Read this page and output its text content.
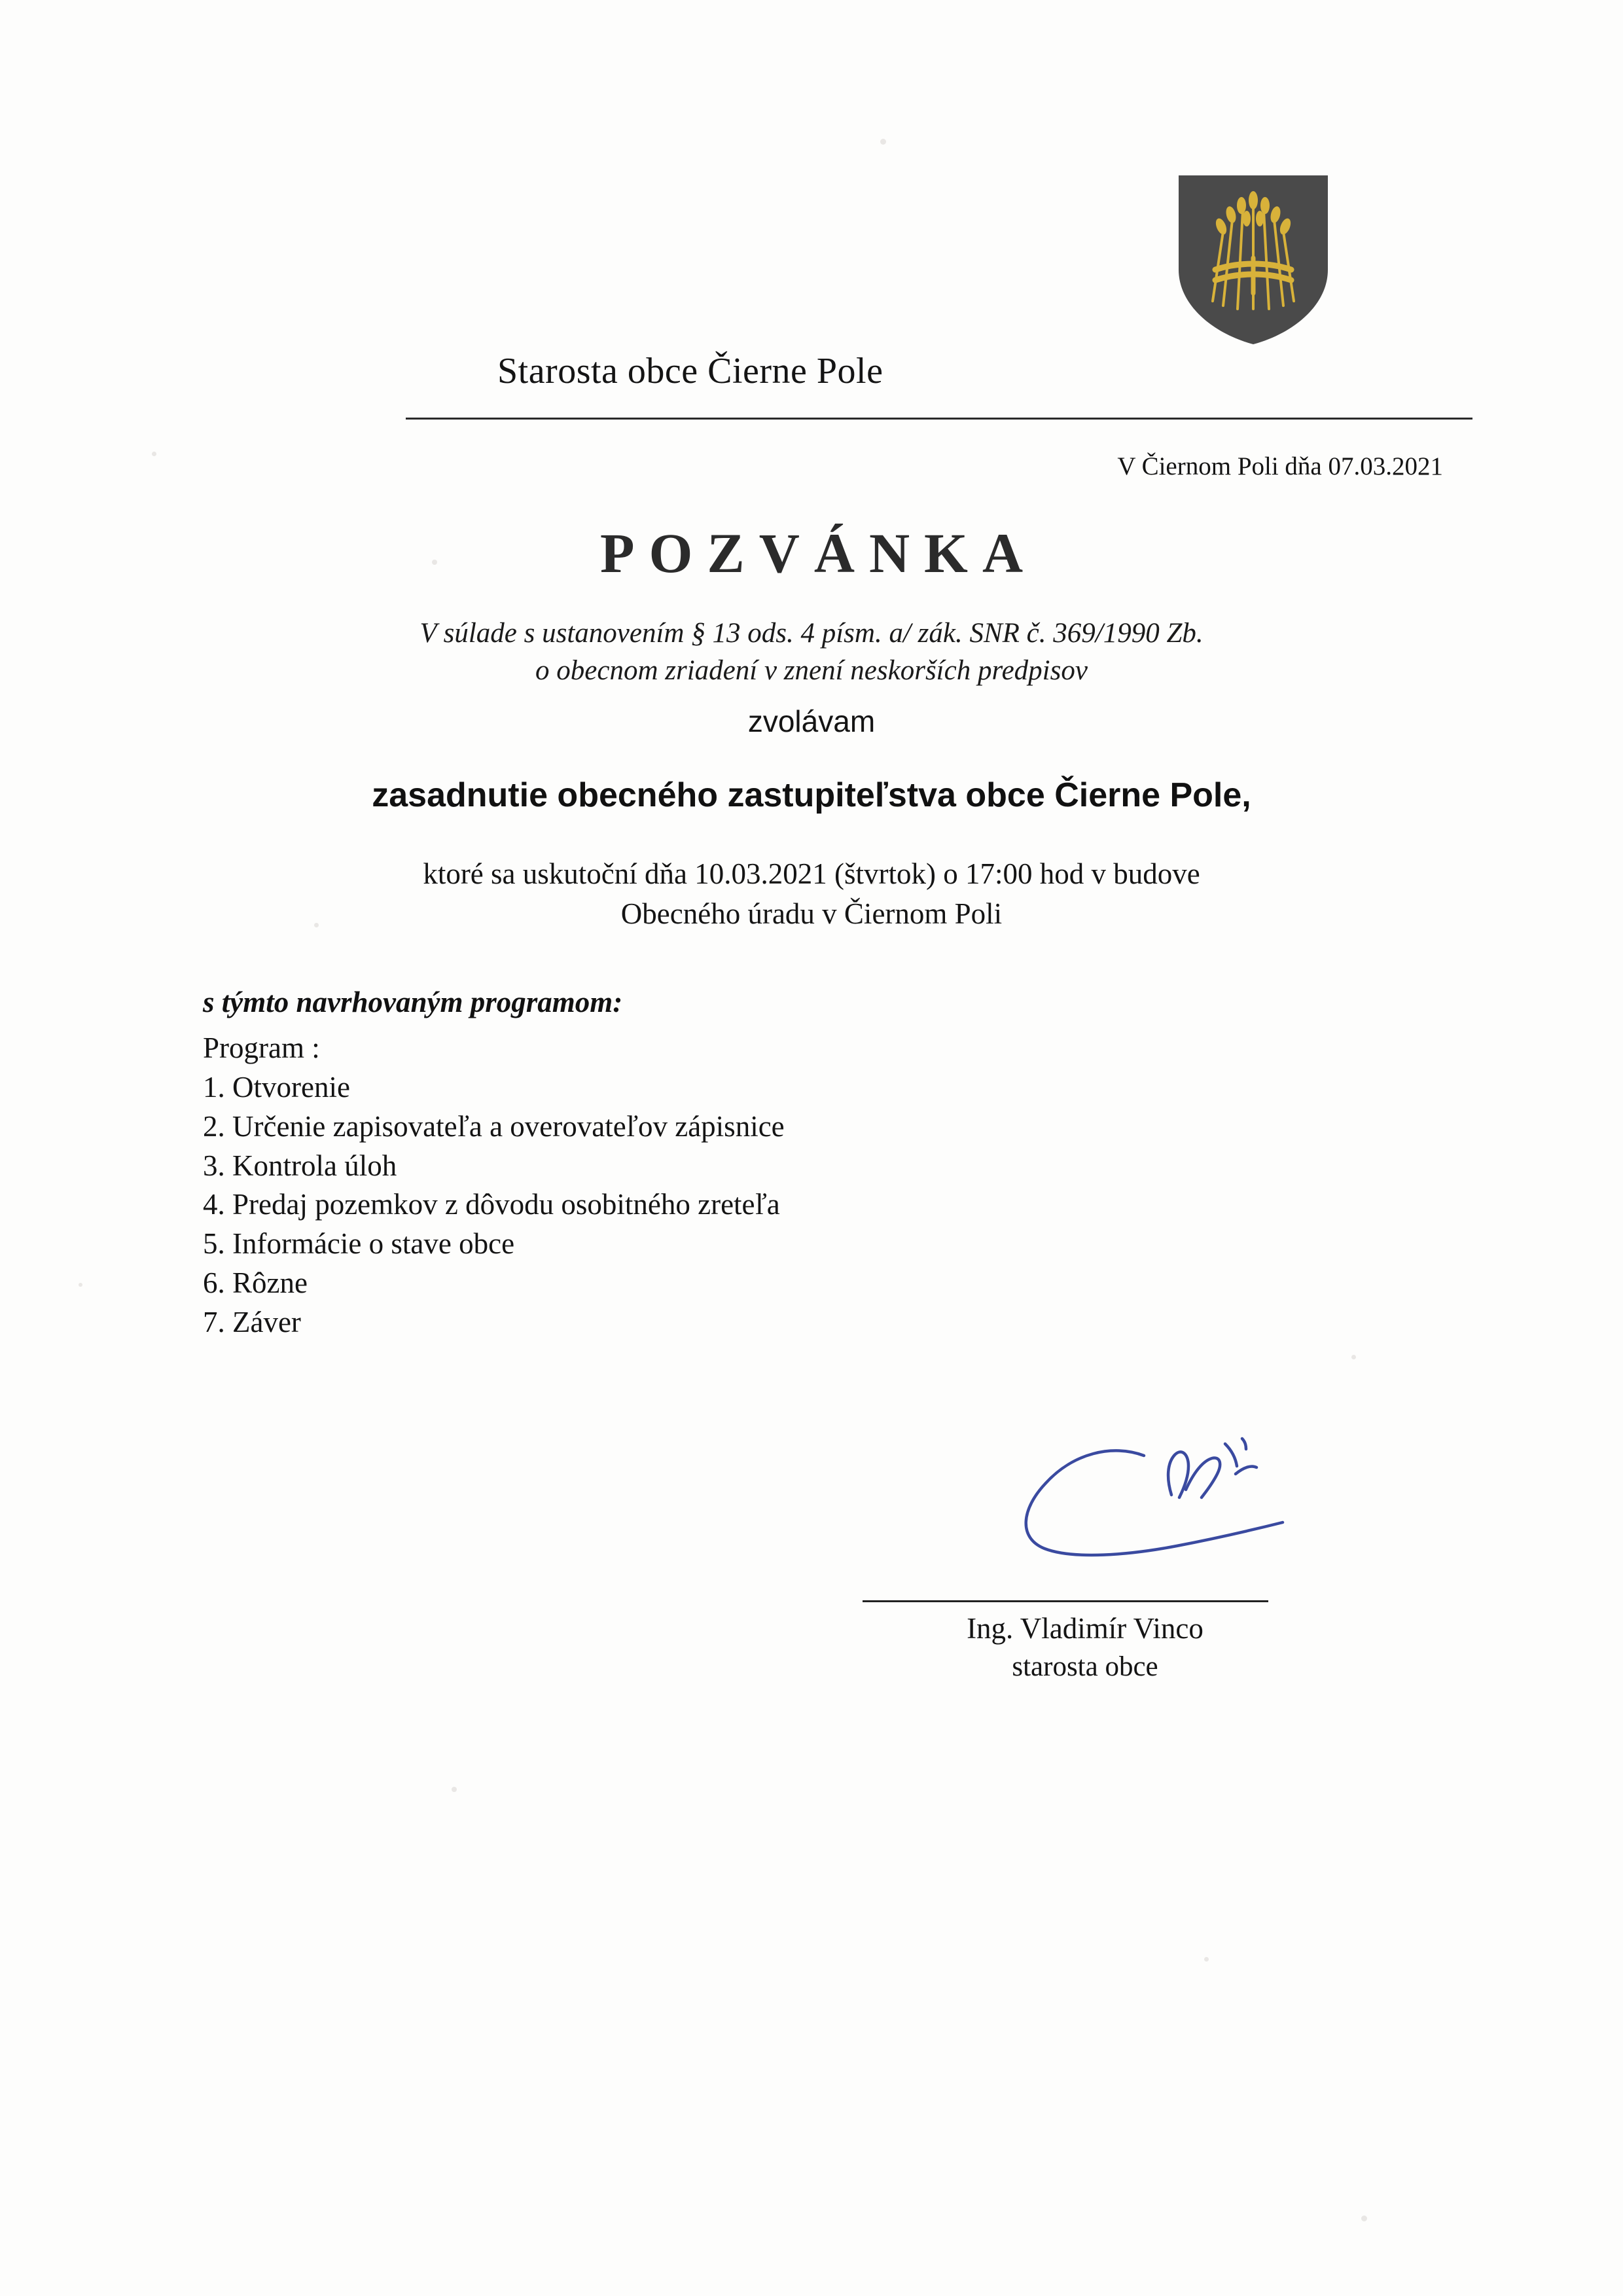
Starosta obce Čierne Pole
V Čiernom Poli dňa 07.03.2021
POZVÁNKA
V súlade s ustanovením § 13 ods. 4 písm. a/ zák. SNR č. 369/1990 Zb.
o obecnom zriadení v znení neskorších predpisov
zvolávam
zasadnutie obecného zastupiteľstva obce Čierne Pole,
ktoré sa uskutoční dňa 10.03.2021 (štvrtok) o 17:00 hod v budove
Obecného úradu v Čiernom Poli
s týmto navrhovaným programom:
Program :
1. Otvorenie
2. Určenie zapisovateľa a overovateľov zápisnice
3. Kontrola úloh
4. Predaj pozemkov z dôvodu osobitného zreteľa
5. Informácie o stave obce
6. Rôzne
7. Záver
Ing. Vladimír Vinco
starosta obce
